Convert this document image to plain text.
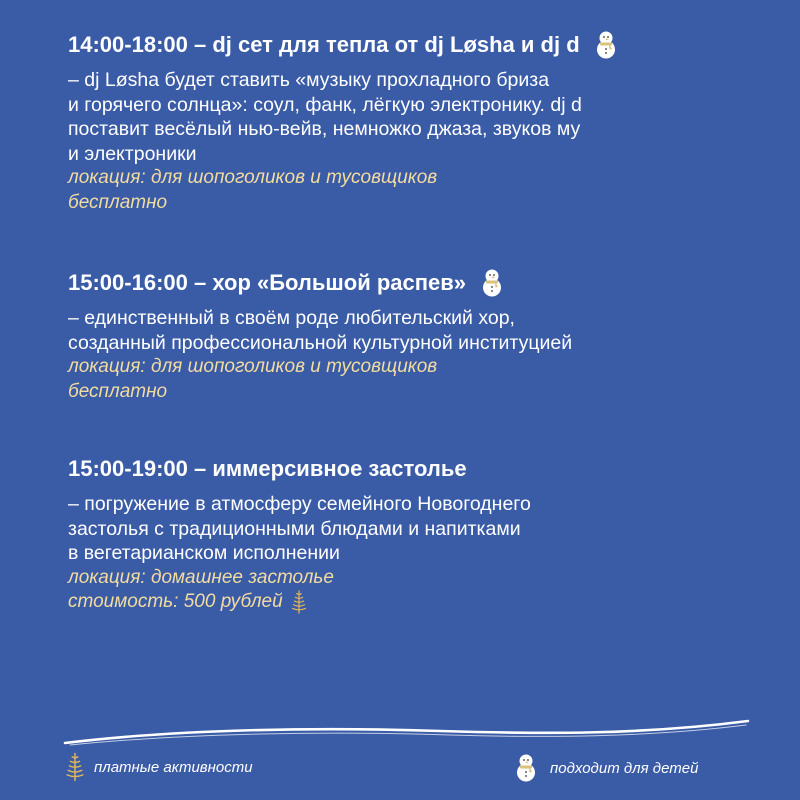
14:00-18:00 – dj сет для тепла от dj Løsha и dj d

– dj Løsha будет ставить «музыку прохладного бриза
и горячего солнца»: соул, фанк, лёгкую электронику. dj d
поставит весёлый нью-вейв, немножко джаза, звуков му
и электроники

локация: для шопоголиков и тусовщиков

бесплатно

15:00-16:00 – хор «Большой распев»

– единственный в своём роде любительский хор,
созданный профессиональной культурной институцией

локация: для шопоголиков и тусовщиков

бесплатно

15:00-19:00 – иммерсивное застолье

– погружение в атмосферу семейного Новогоднего
застолья с традиционными блюдами и напитками
в вегетарианском исполнении

локация: домашнее застолье

стоимость: 500 рублей

платные активности	подходит для детей
